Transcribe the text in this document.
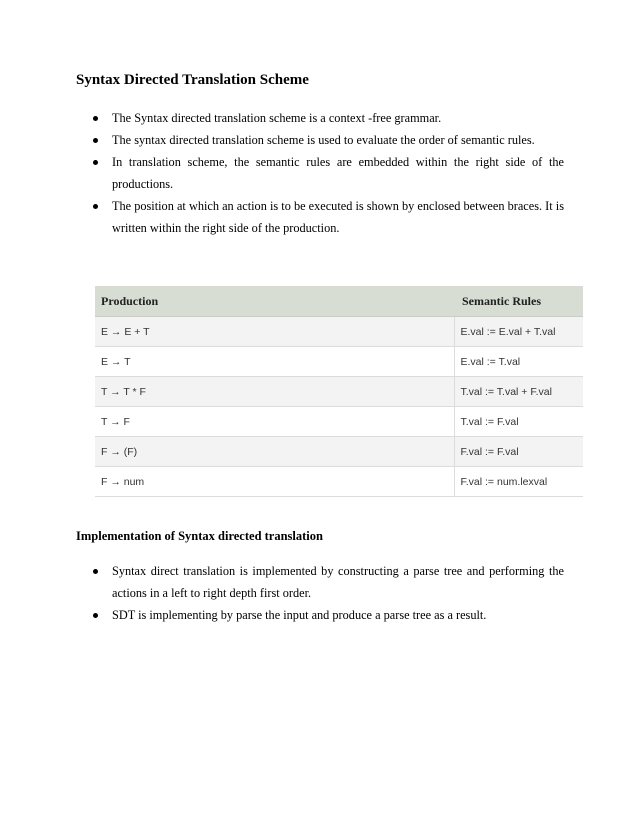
Syntax Directed Translation Scheme
The Syntax directed translation scheme is a context -free grammar.
The syntax directed translation scheme is used to evaluate the order of semantic rules.
In translation scheme, the semantic rules are embedded within the right side of the productions.
The position at which an action is to be executed is shown by enclosed between braces. It is written within the right side of the production.
Production	Semantic Rules
E → E + T	E.val := E.val + T.val
E → T	E.val := T.val
T → T * F	T.val := T.val + F.val
T → F	T.val := F.val
F → (F)	F.val := F.val
F → num	F.val := num.lexval
Implementation of Syntax directed translation
Syntax direct translation is implemented by constructing a parse tree and performing the actions in a left to right depth first order.
SDT is implementing by parse the input and produce a parse tree as a result.
